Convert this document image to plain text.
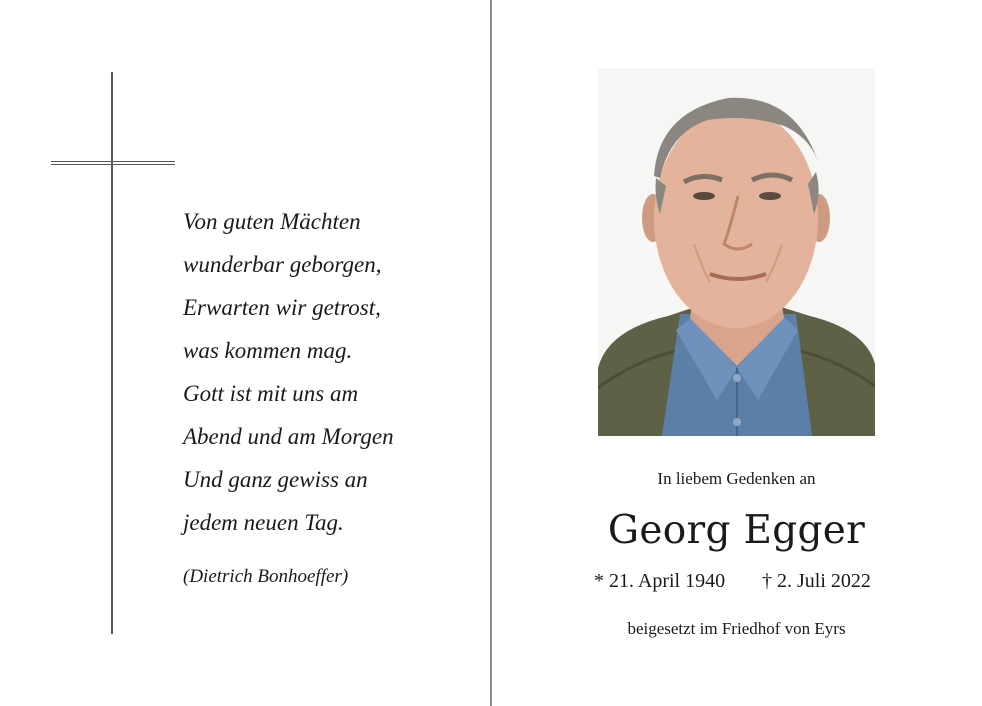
Von guten Mächten
wunderbar geborgen,
Erwarten wir getrost,
was kommen mag.
Gott ist mit uns am
Abend und am Morgen
Und ganz gewiss an
jedem neuen Tag.
(Dietrich Bonhoeffer)
In liebem Gedenken an
Georg Egger
* 21. April 1940 † 2. Juli 2022
beigesetzt im Friedhof von Eyrs
